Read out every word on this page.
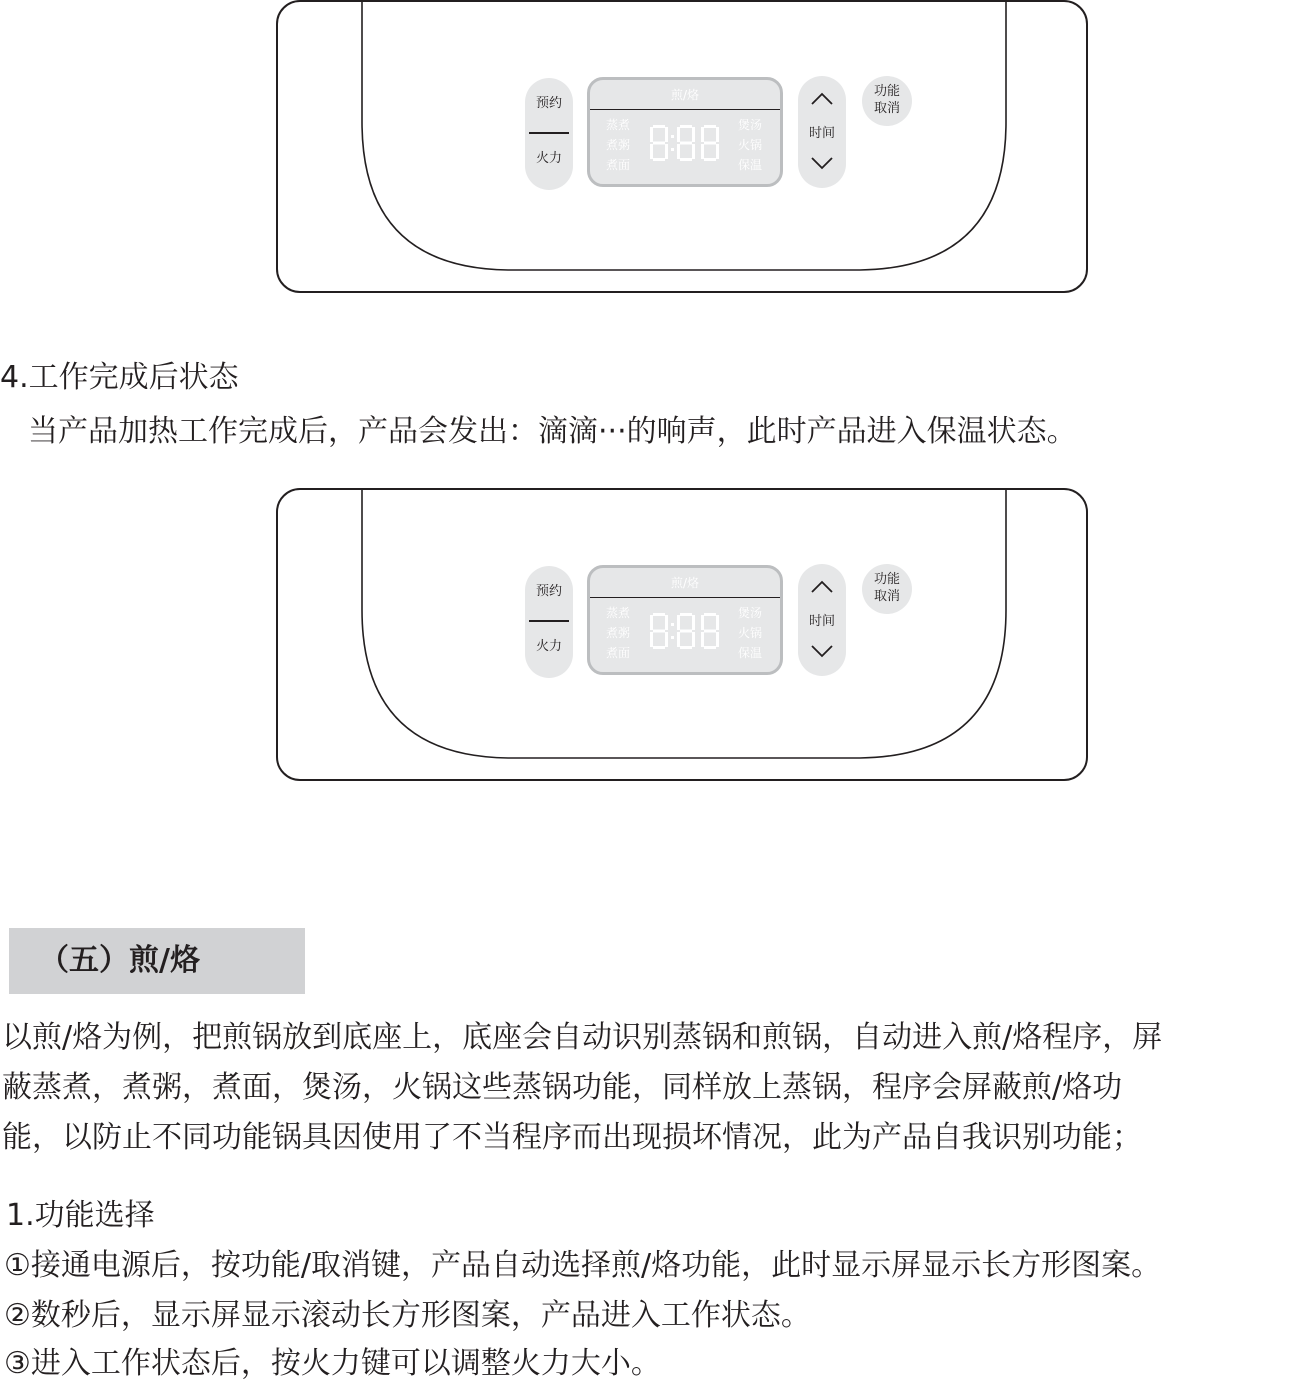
预约
火力
煎/烙
蒸煮
煮粥
煮面
煲汤
火锅
保温
时间
功能
取消
4.工作完成后状态
当产品加热工作完成后，产品会发出：滴滴···的响声，此时产品进入保温状态。
预约
火力
煎/烙
蒸煮
煮粥
煮面
煲汤
火锅
保温
时间
功能
取消
（五）煎/烙
以煎/烙为例，把煎锅放到底座上，底座会自动识别蒸锅和煎锅，自动进入煎/烙程序，屏
蔽蒸煮，煮粥，煮面，煲汤，火锅这些蒸锅功能，同样放上蒸锅，程序会屏蔽煎/烙功
能，以防止不同功能锅具因使用了不当程序而出现损坏情况，此为产品自我识别功能；
1.功能选择
①接通电源后，按功能/取消键，产品自动选择煎/烙功能，此时显示屏显示长方形图案。
②数秒后，显示屏显示滚动长方形图案，产品进入工作状态。
③进入工作状态后，按火力键可以调整火力大小。
